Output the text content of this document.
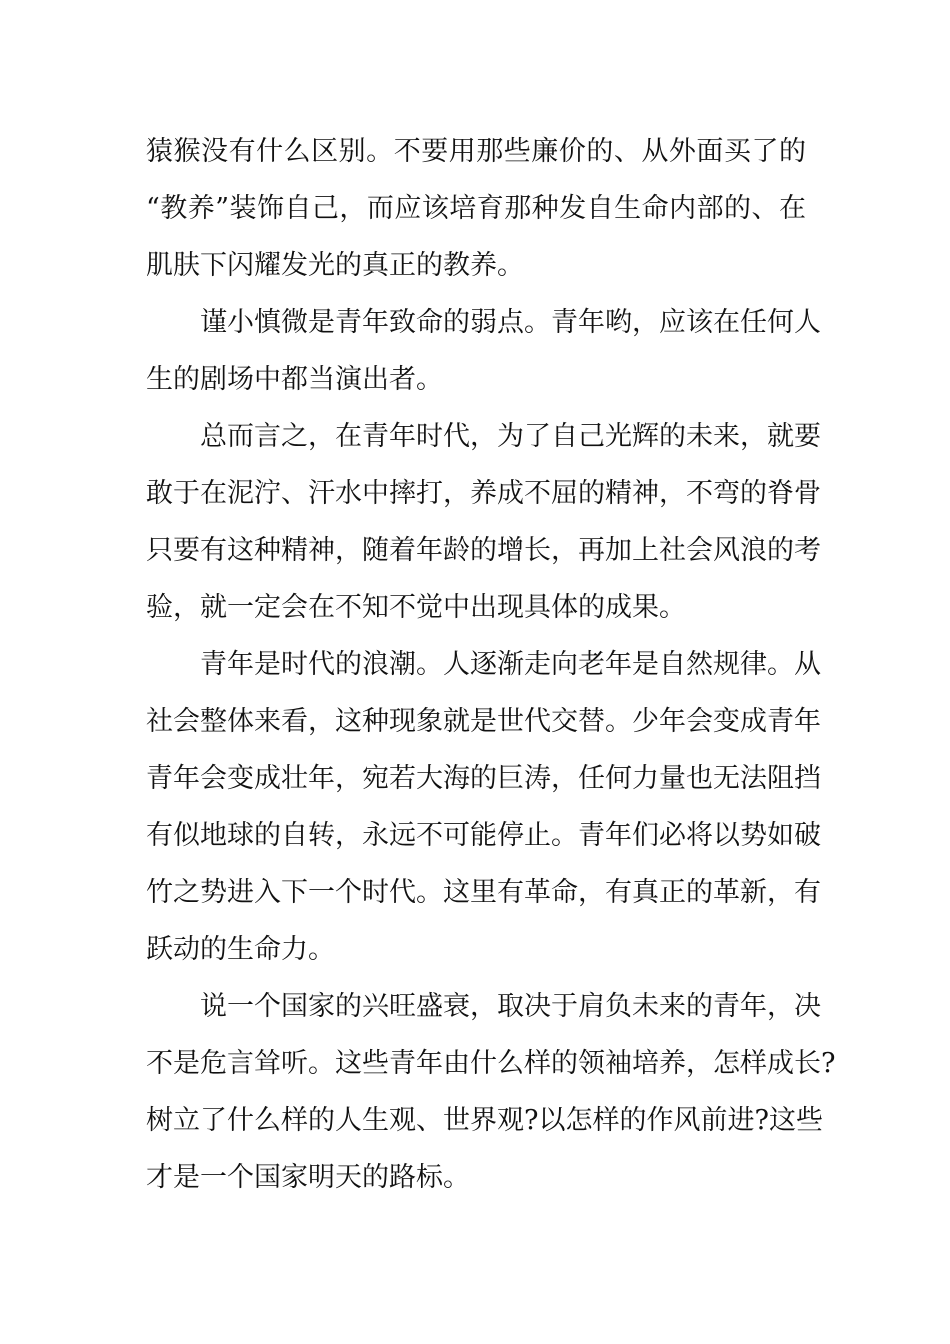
猿猴没有什么区别。不要用那些廉价的、从外面买了的
“教养”装饰自己，而应该培育那种发自生命内部的、在
肌肤下闪耀发光的真正的教养。
谨小慎微是青年致命的弱点。青年哟，应该在任何人
生的剧场中都当演出者。
总而言之，在青年时代，为了自己光辉的未来，就要
敢于在泥泞、汗水中摔打，养成不屈的精神，不弯的脊骨
只要有这种精神，随着年龄的增长，再加上社会风浪的考
验，就一定会在不知不觉中出现具体的成果。
青年是时代的浪潮。人逐渐走向老年是自然规律。从
社会整体来看，这种现象就是世代交替。少年会变成青年
青年会变成壮年，宛若大海的巨涛，任何力量也无法阻挡
有似地球的自转，永远不可能停止。青年们必将以势如破
竹之势进入下一个时代。这里有革命，有真正的革新，有
跃动的生命力。
说一个国家的兴旺盛衰，取决于肩负未来的青年，决
不是危言耸听。这些青年由什么样的领袖培养，怎样成长?
树立了什么样的人生观、世界观?以怎样的作风前进?这些
才是一个国家明天的路标。
